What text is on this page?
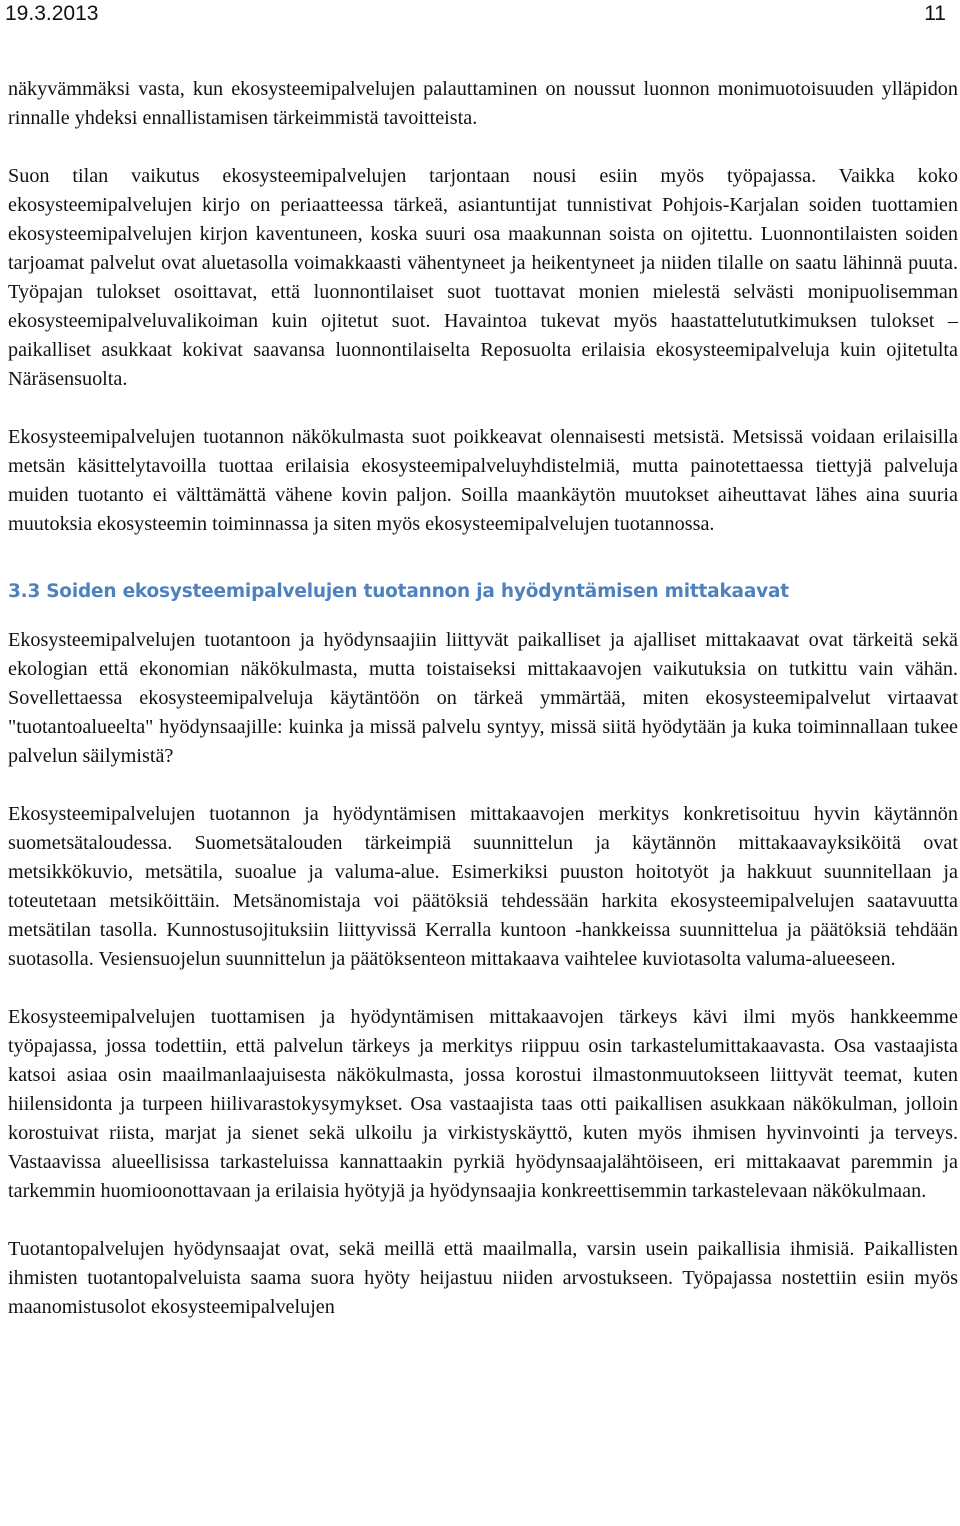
19.3.2013	11

näkyvämmäksi vasta, kun ekosysteemipalvelujen palauttaminen on noussut luonnon monimuotoisuuden ylläpidon rinnalle yhdeksi ennallistamisen tärkeimmistä tavoitteista.

Suon tilan vaikutus ekosysteemipalvelujen tarjontaan nousi esiin myös työpajassa. Vaikka koko ekosysteemipalvelujen kirjo on periaatteessa tärkeä, asiantuntijat tunnistivat Pohjois-Karjalan soiden tuottamien ekosysteemipalvelujen kirjon kaventuneen, koska suuri osa maakunnan soista on ojitettu. Luonnontilaisten soiden tarjoamat palvelut ovat aluetasolla voimakkaasti vähentyneet ja heikentyneet ja niiden tilalle on saatu lähinnä puuta. Työpajan tulokset osoittavat, että luonnontilaiset suot tuottavat monien mielestä selvästi monipuolisemman ekosysteemipalveluvalikoiman kuin ojitetut suot. Havaintoa tukevat myös haastattelututkimuksen tulokset – paikalliset asukkaat kokivat saavansa luonnontilaiselta Reposuolta erilaisia ekosysteemipalveluja kuin ojitetulta Näräsensuolta.

Ekosysteemipalvelujen tuotannon näkökulmasta suot poikkeavat olennaisesti metsistä. Metsissä voidaan erilaisilla metsän käsittelytavoilla tuottaa erilaisia ekosysteemipalveluyhdistelmiä, mutta painotettaessa tiettyjä palveluja muiden tuotanto ei välttämättä vähene kovin paljon. Soilla maankäytön muutokset aiheuttavat lähes aina suuria muutoksia ekosysteemin toiminnassa ja siten myös ekosysteemipalvelujen tuotannossa.

3.3 Soiden ekosysteemipalvelujen tuotannon ja hyödyntämisen mittakaavat

Ekosysteemipalvelujen tuotantoon ja hyödynsaajiin liittyvät paikalliset ja ajalliset mittakaavat ovat tärkeitä sekä ekologian että ekonomian näkökulmasta, mutta toistaiseksi mittakaavojen vaikutuksia on tutkittu vain vähän. Sovellettaessa ekosysteemipalveluja käytäntöön on tärkeä ymmärtää, miten ekosysteemipalvelut virtaavat "tuotantoalueelta" hyödynsaajille: kuinka ja missä palvelu syntyy, missä siitä hyödytään ja kuka toiminnallaan tukee palvelun säilymistä?

Ekosysteemipalvelujen tuotannon ja hyödyntämisen mittakaavojen merkitys konkretisoituu hyvin käytännön suometsätaloudessa. Suometsätalouden tärkeimpiä suunnittelun ja käytännön mittakaavayksiköitä ovat metsikkökuvio, metsätila, suoalue ja valuma-alue. Esimerkiksi puuston hoitotyöt ja hakkuut suunnitellaan ja toteutetaan metsiköittäin. Metsänomistaja voi päätöksiä tehdessään harkita ekosysteemipalvelujen saatavuutta metsätilan tasolla. Kunnostusojituksiin liittyvissä Kerralla kuntoon -hankkeissa suunnittelua ja päätöksiä tehdään suotasolla. Vesiensuojelun suunnittelun ja päätöksenteon mittakaava vaihtelee kuviotasolta valuma-alueeseen.

Ekosysteemipalvelujen tuottamisen ja hyödyntämisen mittakaavojen tärkeys kävi ilmi myös hankkeemme työpajassa, jossa todettiin, että palvelun tärkeys ja merkitys riippuu osin tarkastelumittakaavasta. Osa vastaajista katsoi asiaa osin maailmanlaajuisesta näkökulmasta, jossa korostui ilmastonmuutokseen liittyvät teemat, kuten hiilensidonta ja turpeen hiilivarastokysymykset. Osa vastaajista taas otti paikallisen asukkaan näkökulman, jolloin korostuivat riista, marjat ja sienet sekä ulkoilu ja virkistyskäyttö, kuten myös ihmisen hyvinvointi ja terveys. Vastaavissa alueellisissa tarkasteluissa kannattaakin pyrkiä hyödynsaajalähtöiseen, eri mittakaavat paremmin ja tarkemmin huomioonottavaan ja erilaisia hyötyjä ja hyödynsaajia konkreettisemmin tarkastelevaan näkökulmaan.

Tuotantopalvelujen hyödynsaajat ovat, sekä meillä että maailmalla, varsin usein paikallisia ihmisiä. Paikallisten ihmisten tuotantopalveluista saama suora hyöty heijastuu niiden arvostukseen. Työpajassa nostettiin esiin myös maanomistusolot ekosysteemipalvelujen
